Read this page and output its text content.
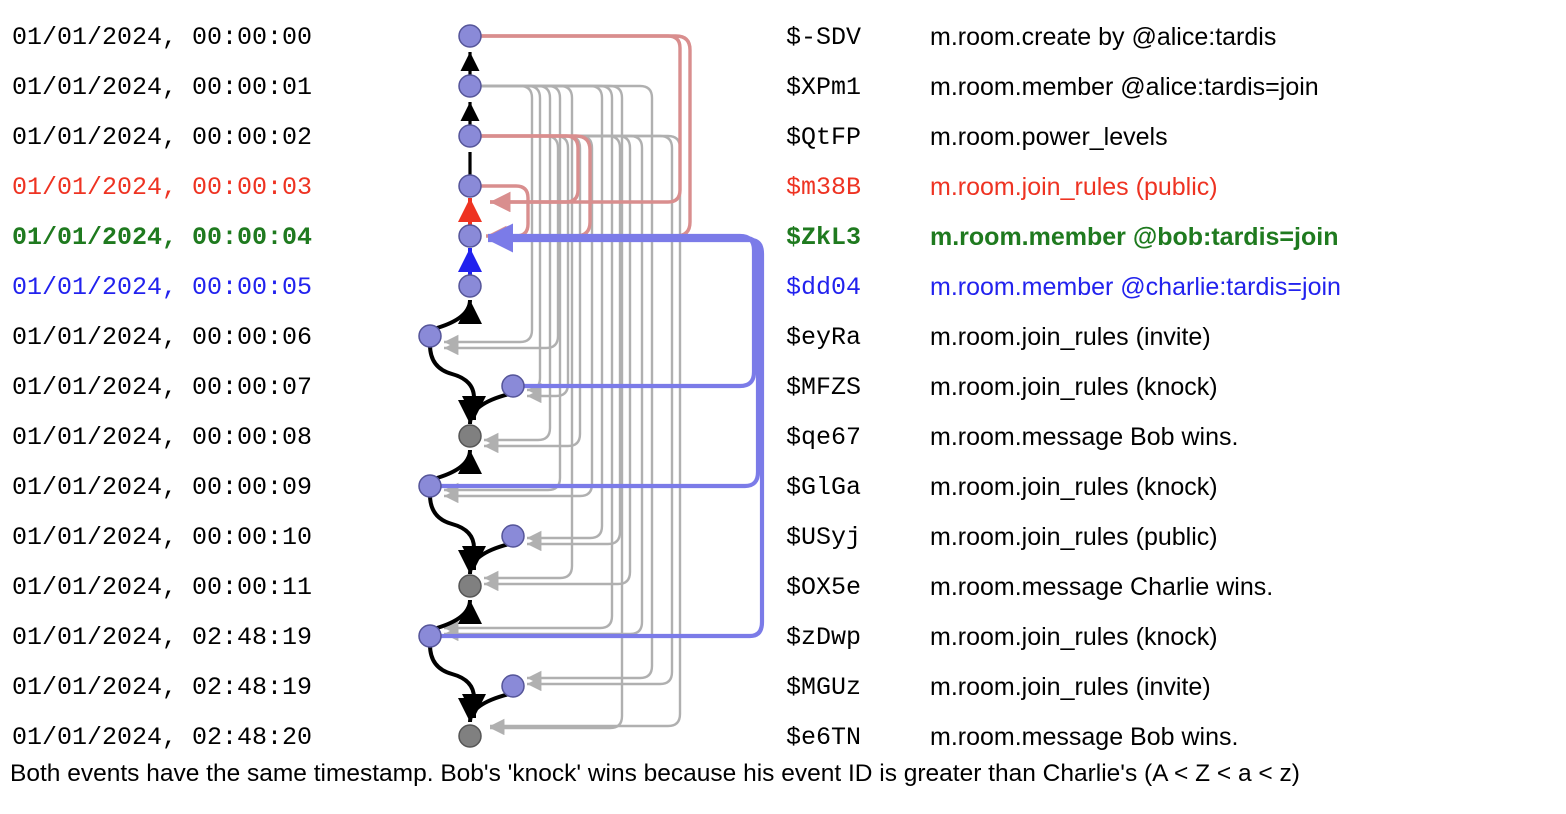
01/01/2024, 00:00:00	$-SDV	m.room.create by @alice:tardis
01/01/2024, 00:00:01	$XPm1	m.room.member @alice:tardis=join
01/01/2024, 00:00:02	$QtFP	m.room.power_levels
01/01/2024, 00:00:03	$m38B	m.room.join_rules (public)
01/01/2024, 00:00:04	$ZkL3	m.room.member @bob:tardis=join
01/01/2024, 00:00:05	$dd04	m.room.member @charlie:tardis=join
01/01/2024, 00:00:06	$eyRa	m.room.join_rules (invite)
01/01/2024, 00:00:07	$MFZS	m.room.join_rules (knock)
01/01/2024, 00:00:08	$qe67	m.room.message Bob wins.
01/01/2024, 00:00:09	$GlGa	m.room.join_rules (knock)
01/01/2024, 00:00:10	$USyj	m.room.join_rules (public)
01/01/2024, 00:00:11	$OX5e	m.room.message Charlie wins.
01/01/2024, 02:48:19	$zDwp	m.room.join_rules (knock)
01/01/2024, 02:48:19	$MGUz	m.room.join_rules (invite)
01/01/2024, 02:48:20	$e6TN	m.room.message Bob wins.
Both events have the same timestamp. Bob's 'knock' wins because his event ID is greater than Charlie's (A < Z < a < z)
